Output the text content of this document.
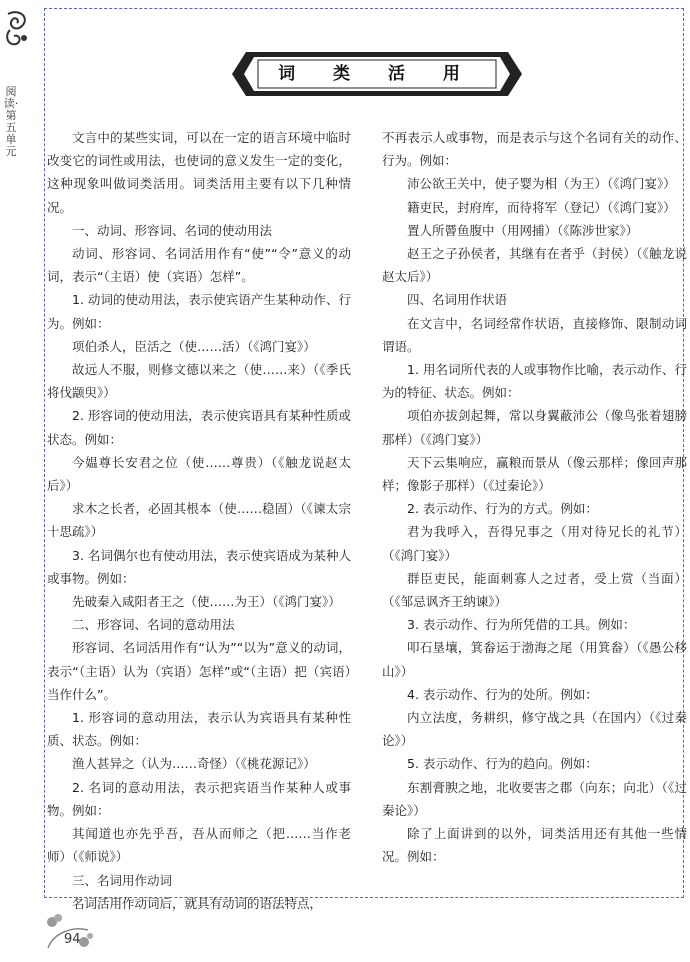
阅读·第五单元
词 类 活 用

文言中的某些实词，可以在一定的语言环境中临时改变它的词性或用法，也使词的意义发生一定的变化，这种现象叫做词类活用。词类活用主要有以下几种情况。

一、动词、形容词、名词的使动用法

动词、形容词、名词活用作有“使”“令”意义的动词，表示“（主语）使（宾语）怎样”。

1. 动词的使动用法，表示使宾语产生某种动作、行为。例如：

项伯杀人，臣活之（使……活）（《鸿门宴》）

故远人不服，则修文德以来之（使……来）（《季氏将伐颛臾》）

2. 形容词的使动用法，表示使宾语具有某种性质或状态。例如：

今媪尊长安君之位（使……尊贵）（《触龙说赵太后》）

求木之长者，必固其根本（使……稳固）（《谏太宗十思疏》）

3. 名词偶尔也有使动用法，表示使宾语成为某种人或事物。例如：

先破秦入咸阳者王之（使……为王）（《鸿门宴》）

二、形容词、名词的意动用法

形容词、名词活用作有“认为”“以为”意义的动词，表示“（主语）认为（宾语）怎样”或“（主语）把（宾语）当作什么”。

1. 形容词的意动用法，表示认为宾语具有某种性质、状态。例如：

渔人甚异之（认为……奇怪）（《桃花源记》）

2. 名词的意动用法，表示把宾语当作某种人或事物。例如：

其闻道也亦先乎吾，吾从而师之（把……当作老师）（《师说》）

三、名词用作动词

名词活用作动词后，就具有动词的语法特点，

不再表示人或事物，而是表示与这个名词有关的动作、行为。例如：

沛公欲王关中，使子婴为相（为王）（《鸿门宴》）

籍吏民，封府库，而待将军（登记）（《鸿门宴》）

置人所罾鱼腹中（用网捕）（《陈涉世家》）

赵王之子孙侯者，其继有在者乎（封侯）（《触龙说赵太后》）

四、名词用作状语

在文言中，名词经常作状语，直接修饰、限制动词谓语。

1. 用名词所代表的人或事物作比喻，表示动作、行为的特征、状态。例如：

项伯亦拔剑起舞，常以身翼蔽沛公（像鸟张着翅膀那样）（《鸿门宴》）

天下云集响应，赢粮而景从（像云那样；像回声那样；像影子那样）（《过秦论》）

2. 表示动作、行为的方式。例如：

君为我呼入，吾得兄事之（用对待兄长的礼节）（《鸿门宴》）

群臣吏民，能面刺寡人之过者，受上赏（当面）（《邹忌讽齐王纳谏》）

3. 表示动作、行为所凭借的工具。例如：

叩石垦壤，箕畚运于渤海之尾（用箕畚）（《愚公移山》）

4. 表示动作、行为的处所。例如：

内立法度，务耕织，修守战之具（在国内）（《过秦论》）

5. 表示动作、行为的趋向。例如：

东割膏腴之地，北收要害之郡（向东；向北）（《过秦论》）

除了上面讲到的以外，词类活用还有其他一些情况。例如：

94
